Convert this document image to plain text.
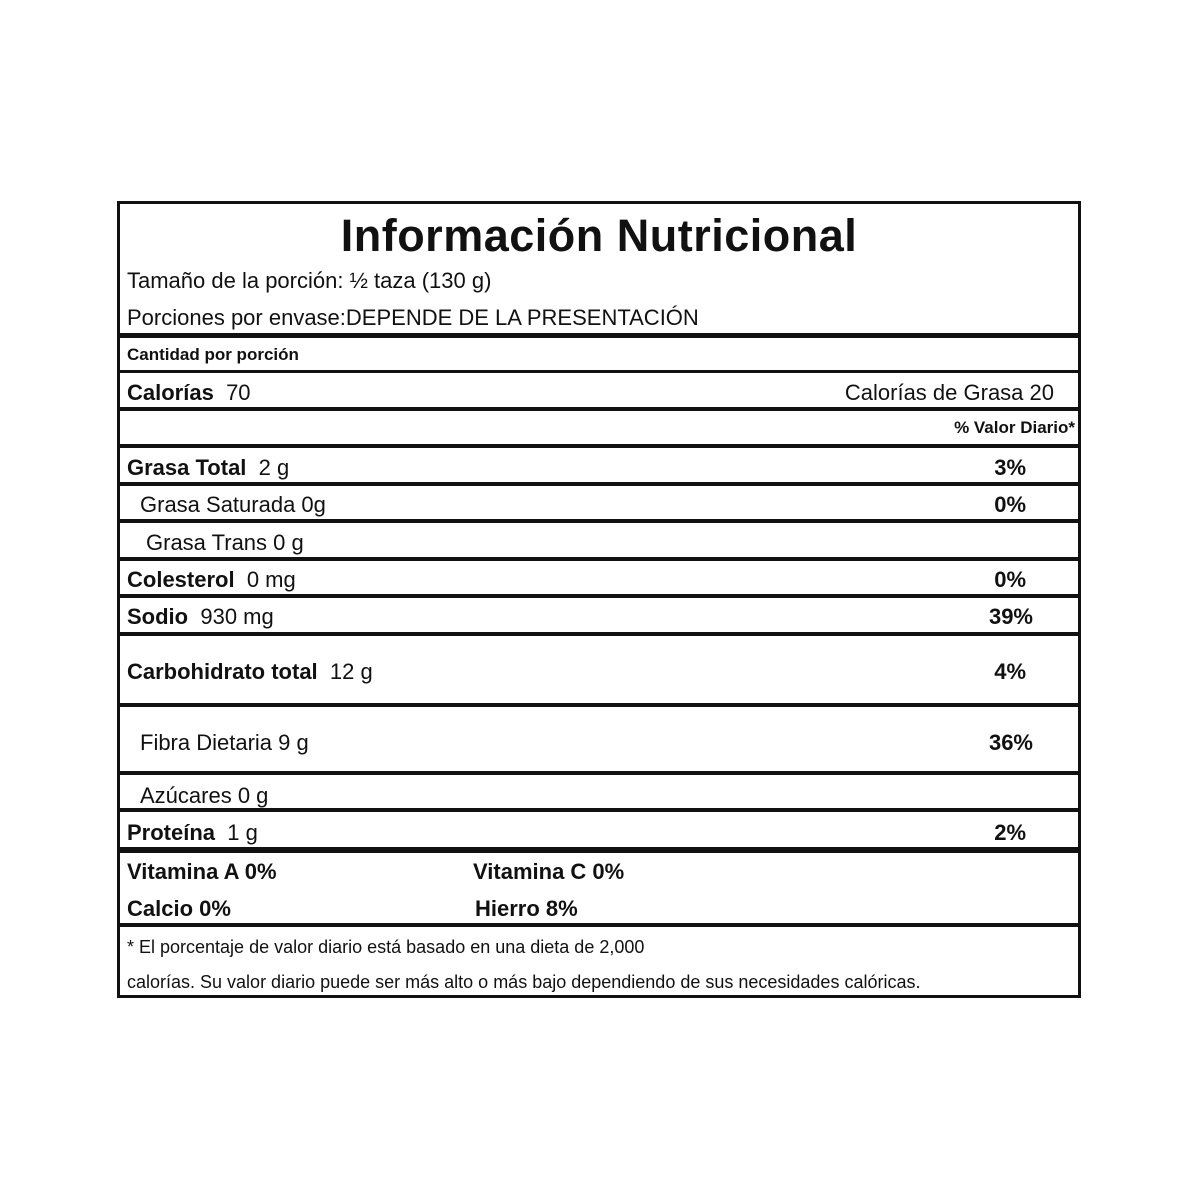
Información Nutricional
Tamaño de la porción: ½ taza (130 g)
Porciones por envase:DEPENDE DE LA PRESENTACIÓN
Cantidad por porción
Calorías 70	Calorías de Grasa 20
% Valor Diario*
Grasa Total 2 g	3%
Grasa Saturada 0g	0%
Grasa Trans 0 g
Colesterol 0 mg	0%
Sodio 930 mg	39%
Carbohidrato total 12 g	4%
Fibra Dietaria 9 g	36%
Azúcares 0 g
Proteína 1 g	2%
Vitamina A 0%	Vitamina C 0%
Calcio 0%	Hierro 8%
* El porcentaje de valor diario está basado en una dieta de 2,000
calorías. Su valor diario puede ser más alto o más bajo dependiendo de sus necesidades calóricas.
